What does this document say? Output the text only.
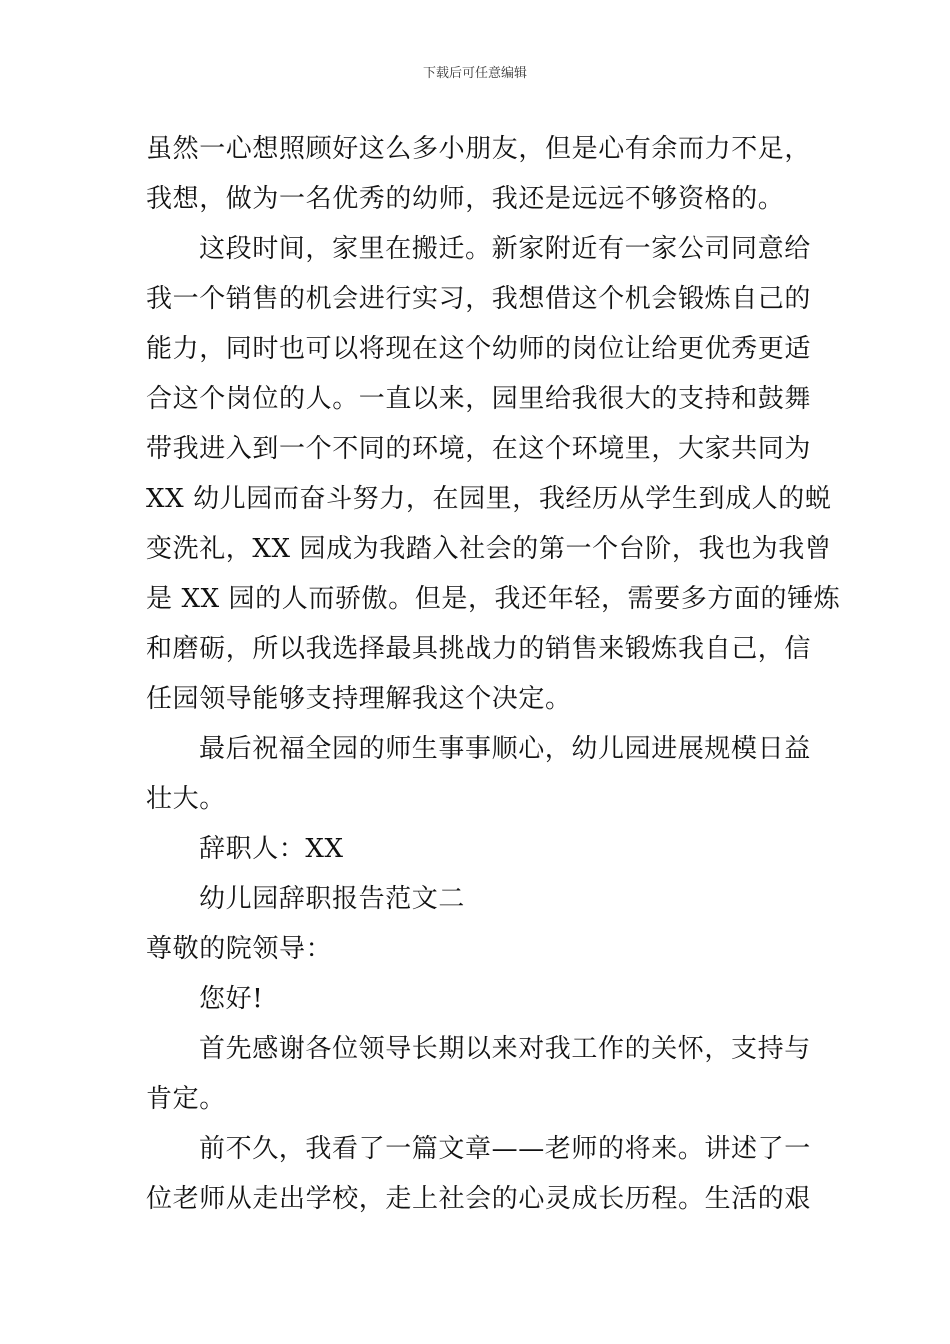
下载后可任意编辑
虽然一心想照顾好这么多小朋友，但是心有余而力不足，
我想，做为一名优秀的幼师，我还是远远不够资格的。
这段时间，家里在搬迁。新家附近有一家公司同意给
我一个销售的机会进行实习，我想借这个机会锻炼自己的
能力，同时也可以将现在这个幼师的岗位让给更优秀更适
合这个岗位的人。一直以来，园里给我很大的支持和鼓舞
带我进入到一个不同的环境，在这个环境里，大家共同为
XX 幼儿园而奋斗努力，在园里，我经历从学生到成人的蜕
变洗礼，XX 园成为我踏入社会的第一个台阶，我也为我曾
是 XX 园的人而骄傲。但是，我还年轻，需要多方面的锤炼
和磨砺，所以我选择最具挑战力的销售来锻炼我自己，信
任园领导能够支持理解我这个决定。
最后祝福全园的师生事事顺心，幼儿园进展规模日益
壮大。
辞职人：XX
幼儿园辞职报告范文二
尊敬的院领导：
您好!
首先感谢各位领导长期以来对我工作的关怀，支持与
肯定。
前不久，我看了一篇文章——老师的将来。讲述了一
位老师从走出学校，走上社会的心灵成长历程。生活的艰
